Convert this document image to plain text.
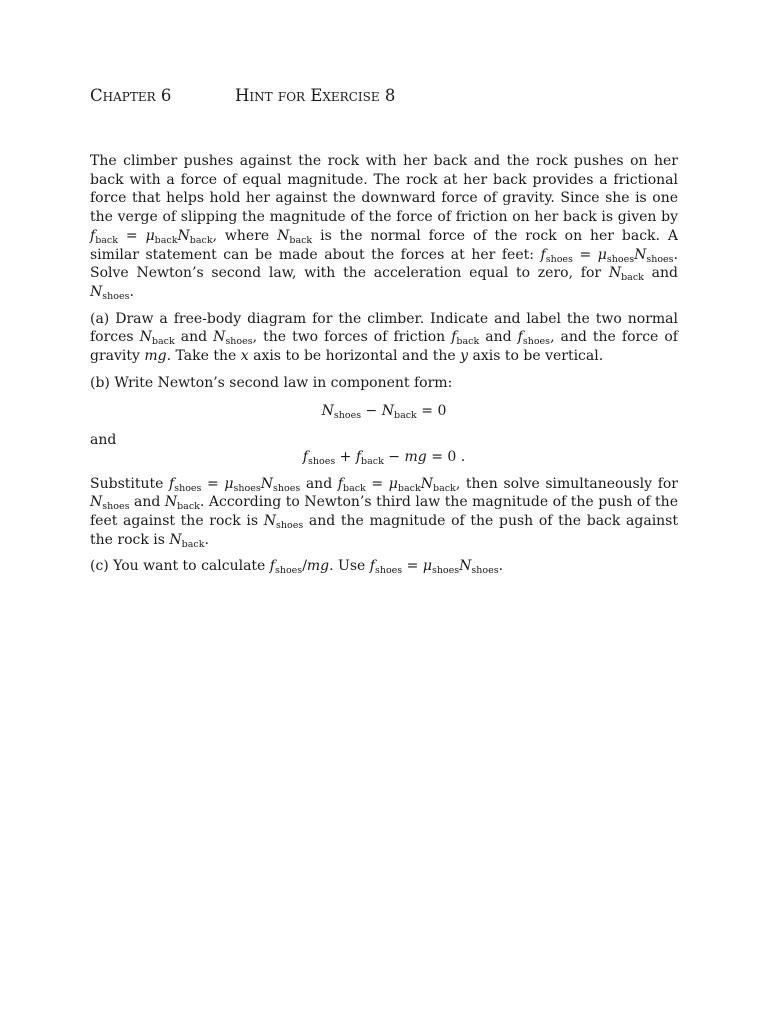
Chapter 6	Hint for Exercise 8

The climber pushes against the rock with her back and the rock pushes on her back with a force of equal magnitude. The rock at her back provides a frictional force that helps hold her against the downward force of gravity. Since she is one the verge of slipping the magnitude of the force of friction on her back is given by $f_{back} = \mu_{back}N_{back}$, where $N_{back}$ is the normal force of the rock on her back. A similar statement can be made about the forces at her feet: $f_{shoes} = \mu_{shoes}N_{shoes}$. Solve Newton’s second law, with the acceleration equal to zero, for $N_{back}$ and $N_{shoes}$.

(a) Draw a free-body diagram for the climber. Indicate and label the two normal forces $N_{back}$ and $N_{shoes}$, the two forces of friction $f_{back}$ and $f_{shoes}$, and the force of gravity mg. Take the x axis to be horizontal and the y axis to be vertical.

(b) Write Newton’s second law in component form:

$N_{shoes} - N_{back} = 0$

and

$f_{shoes} + f_{back}$ − mg = 0 .

Substitute $f_{shoes} = \mu_{shoes}N_{shoes}$ and $f_{back} = \mu_{back}N_{back}$, then solve simultaneously for $N_{shoes}$ and $N_{back}$. According to Newton’s third law the magnitude of the push of the feet against the rock is $N_{shoes}$ and the magnitude of the push of the back against the rock is $N_{back}$.

(c) You want to calculate $f_{shoes}/mg$. Use $f_{shoes} = \mu_{shoes}N_{shoes}$.
